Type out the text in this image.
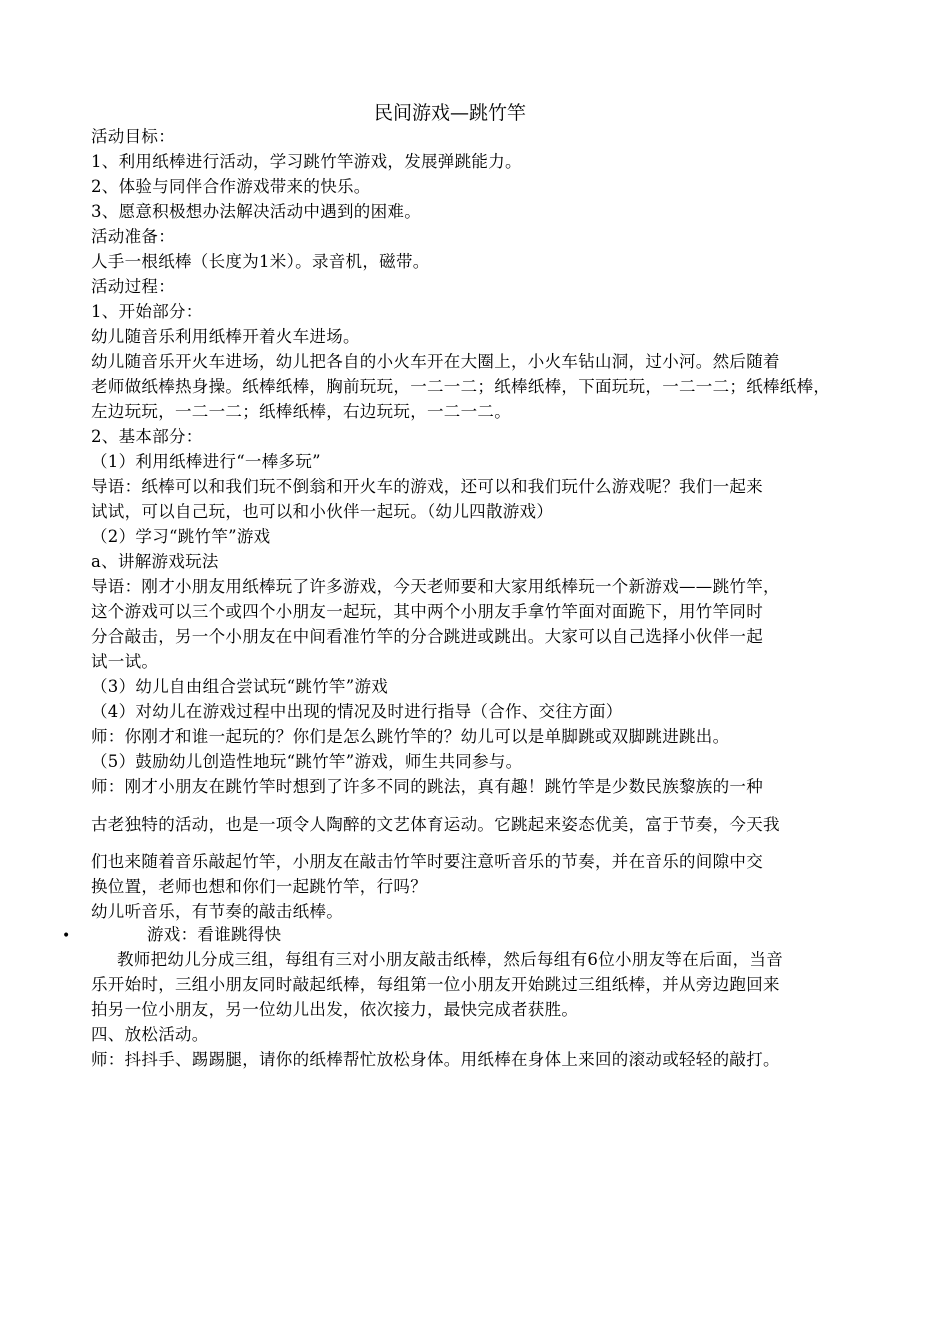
民间游戏—跳竹竿
活动目标：
1、利用纸棒进行活动，学习跳竹竿游戏，发展弹跳能力。
2、体验与同伴合作游戏带来的快乐。
3、愿意积极想办法解决活动中遇到的困难。
活动准备：
人手一根纸棒（长度为1米）。录音机，磁带。
活动过程：
1、开始部分：
幼儿随音乐利用纸棒开着火车进场。
幼儿随音乐开火车进场，幼儿把各自的小火车开在大圈上，小火车钻山洞，过小河。然后随着
老师做纸棒热身操。纸棒纸棒，胸前玩玩，一二一二；纸棒纸棒，下面玩玩，一二一二；纸棒纸棒，
左边玩玩，一二一二；纸棒纸棒，右边玩玩，一二一二。
2、基本部分：
（1）利用纸棒进行“一棒多玩”
导语：纸棒可以和我们玩不倒翁和开火车的游戏，还可以和我们玩什么游戏呢？我们一起来
试试，可以自己玩，也可以和小伙伴一起玩。（幼儿四散游戏）
（2）学习“跳竹竿”游戏
a、讲解游戏玩法
导语：刚才小朋友用纸棒玩了许多游戏，今天老师要和大家用纸棒玩一个新游戏——跳竹竿，
这个游戏可以三个或四个小朋友一起玩，其中两个小朋友手拿竹竿面对面跪下，用竹竿同时
分合敲击，另一个小朋友在中间看准竹竿的分合跳进或跳出。大家可以自己选择小伙伴一起
试一试。
（3）幼儿自由组合尝试玩“跳竹竿”游戏
（4）对幼儿在游戏过程中出现的情况及时进行指导（合作、交往方面）
师：你刚才和谁一起玩的？你们是怎么跳竹竿的？幼儿可以是单脚跳或双脚跳进跳出。
（5）鼓励幼儿创造性地玩“跳竹竿”游戏，师生共同参与。
师：刚才小朋友在跳竹竿时想到了许多不同的跳法，真有趣！跳竹竿是少数民族黎族的一种
古老独特的活动，也是一项令人陶醉的文艺体育运动。它跳起来姿态优美，富于节奏，今天我
们也来随着音乐敲起竹竿，小朋友在敲击竹竿时要注意听音乐的节奏，并在音乐的间隙中交
换位置，老师也想和你们一起跳竹竿，行吗？
幼儿听音乐，有节奏的敲击纸棒。
•	游戏：看谁跳得快
教师把幼儿分成三组，每组有三对小朋友敲击纸棒，然后每组有6位小朋友等在后面，当音
乐开始时，三组小朋友同时敲起纸棒，每组第一位小朋友开始跳过三组纸棒，并从旁边跑回来
拍另一位小朋友，另一位幼儿出发，依次接力，最快完成者获胜。
四、放松活动。
师：抖抖手、踢踢腿，请你的纸棒帮忙放松身体。用纸棒在身体上来回的滚动或轻轻的敲打。
